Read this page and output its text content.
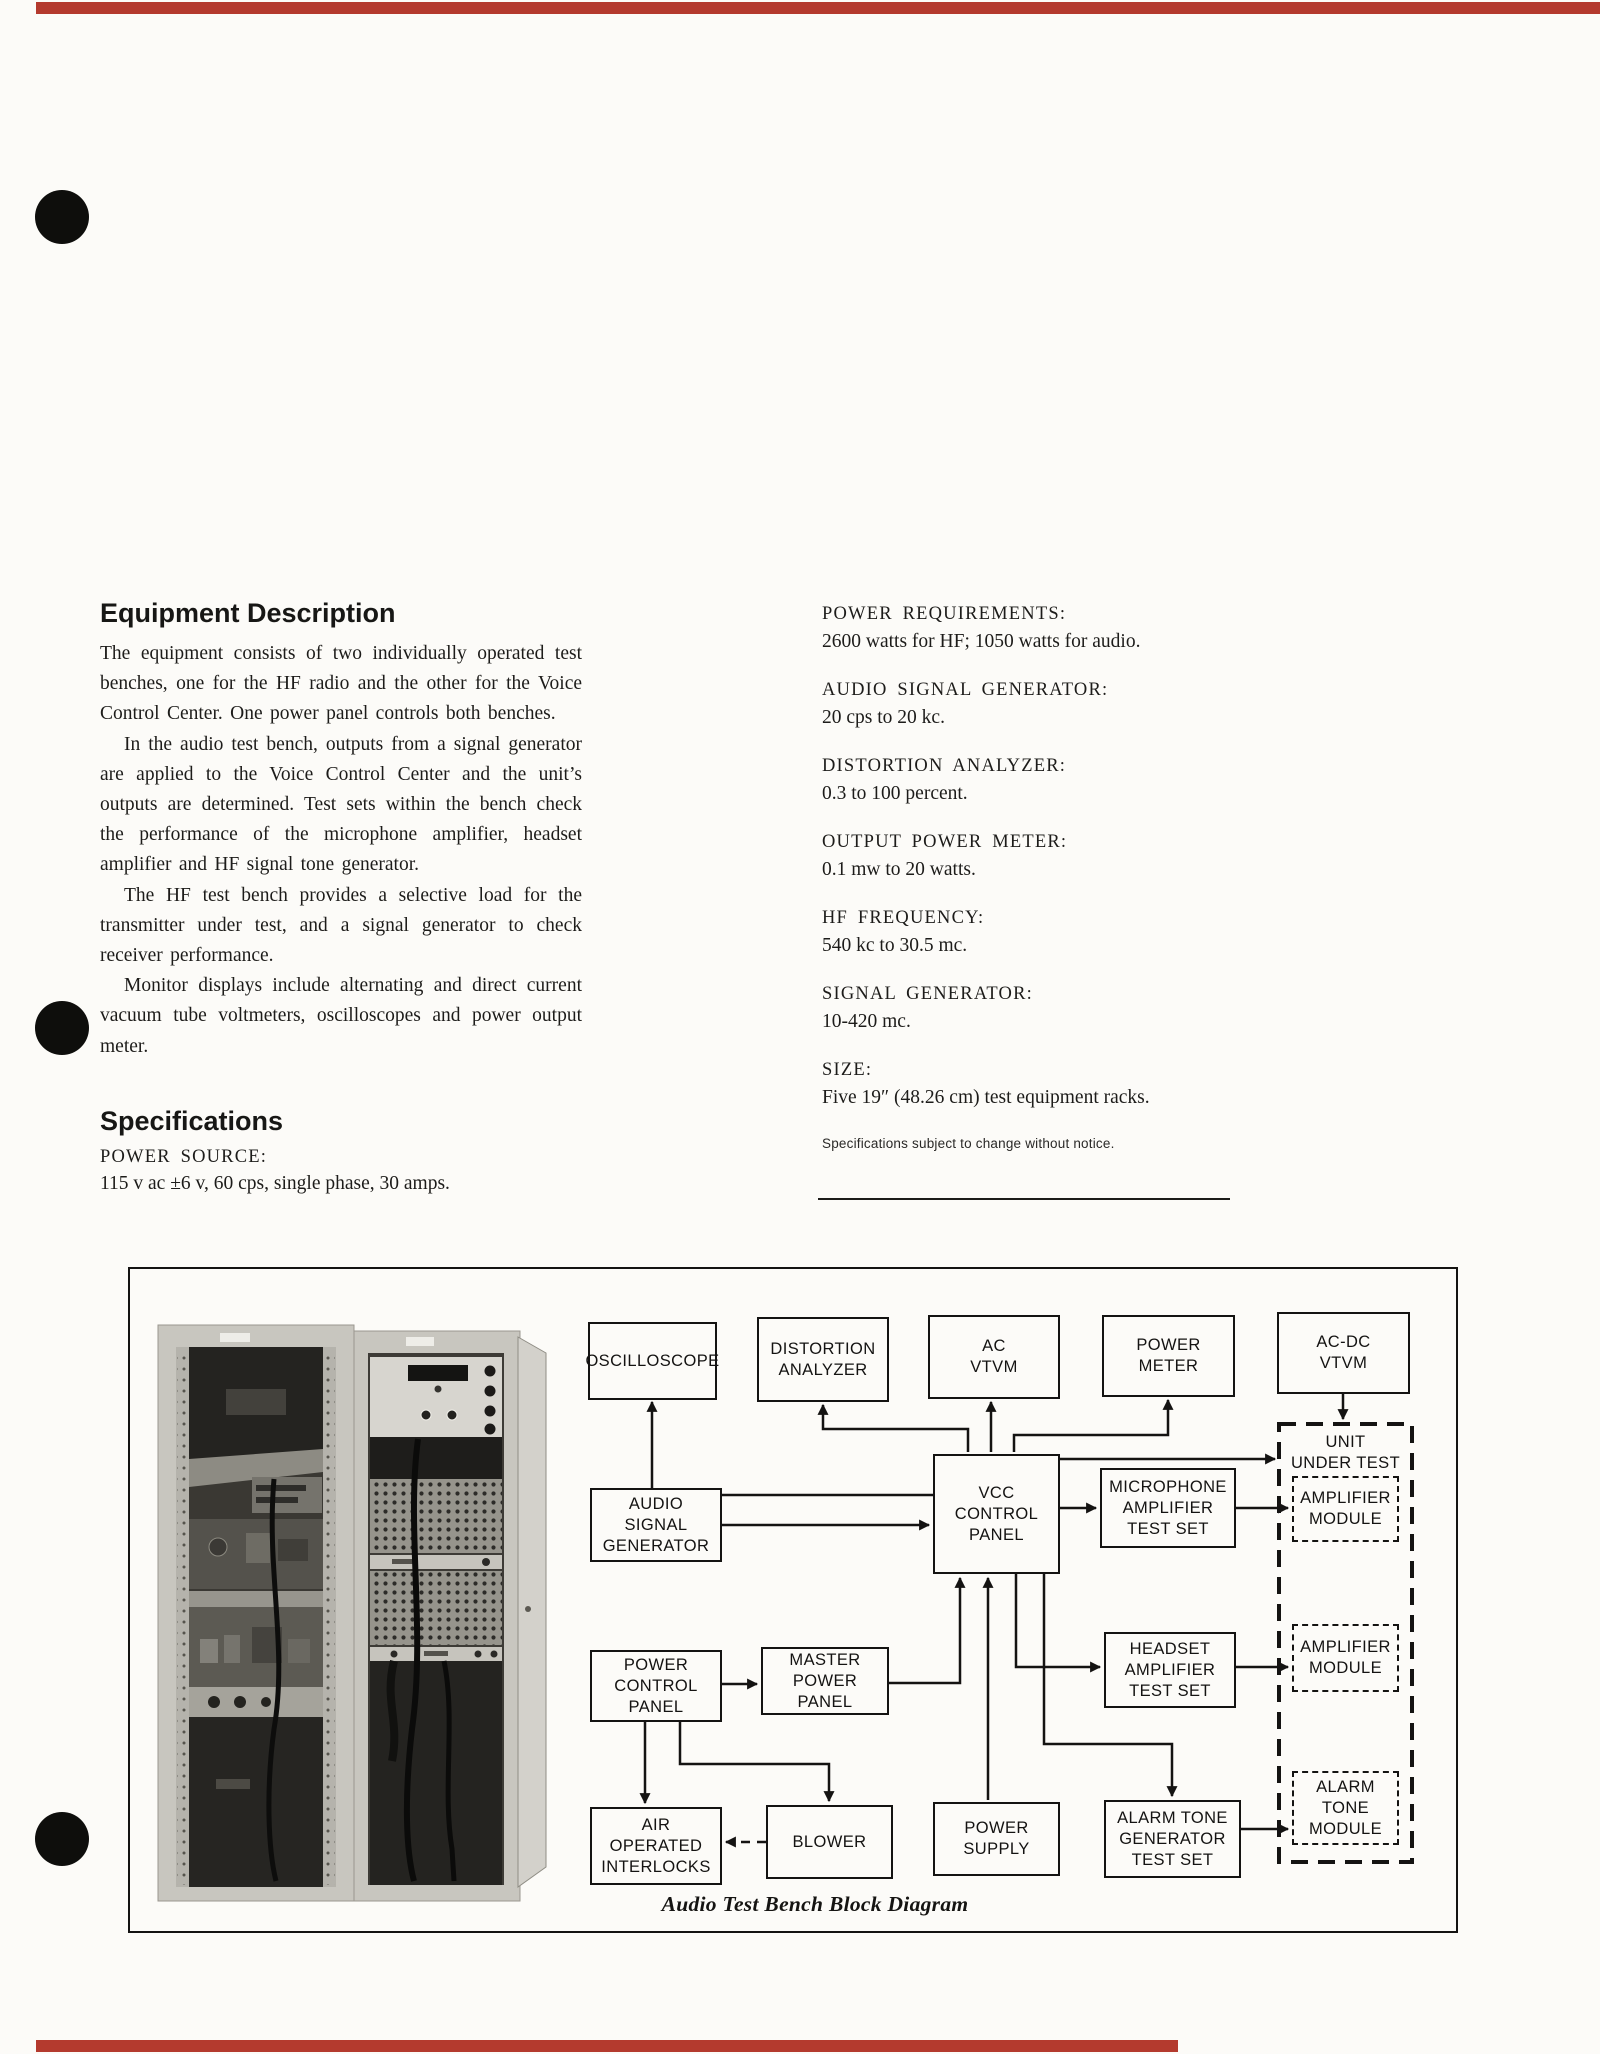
Equipment Description

The equipment consists of two individually operated test benches, one for the HF radio and the other for the Voice Control Center. One power panel controls both benches.

In the audio test bench, outputs from a signal generator are applied to the Voice Control Center and the unit’s outputs are determined. Test sets within the bench check the performance of the microphone amplifier, headset amplifier and HF signal tone generator.

The HF test bench provides a selective load for the transmitter under test, and a signal generator to check receiver performance.

Monitor displays include alternating and direct current vacuum tube voltmeters, oscilloscopes and power output meter.

Specifications

POWER SOURCE:

115 v ac ±6 v, 60 cps, single phase, 30 amps.

POWER REQUIREMENTS:

2600 watts for HF; 1050 watts for audio.

AUDIO SIGNAL GENERATOR:

20 cps to 20 kc.

DISTORTION ANALYZER:

0.3 to 100 percent.

OUTPUT POWER METER:

0.1 mw to 20 watts.

HF FREQUENCY:

540 kc to 30.5 mc.

SIGNAL GENERATOR:

10-420 mc.

SIZE:

Five 19″ (48.26 cm) test equipment racks.

Specifications subject to change without notice.

OSCILLOSCOPE
DISTORTION
ANALYZER
AC
VTVM
POWER
METER
AC-DC
VTVM
UNIT
UNDER TEST
AMPLIFIER
MODULE
AUDIO
SIGNAL
GENERATOR
VCC
CONTROL
PANEL
MICROPHONE
AMPLIFIER
TEST SET
POWER
CONTROL
PANEL
MASTER
POWER
PANEL
HEADSET
AMPLIFIER
TEST SET
AMPLIFIER
MODULE
AIR
OPERATED
INTERLOCKS
BLOWER
POWER
SUPPLY
ALARM TONE
GENERATOR
TEST SET
ALARM
TONE
MODULE
Audio Test Bench Block Diagram
